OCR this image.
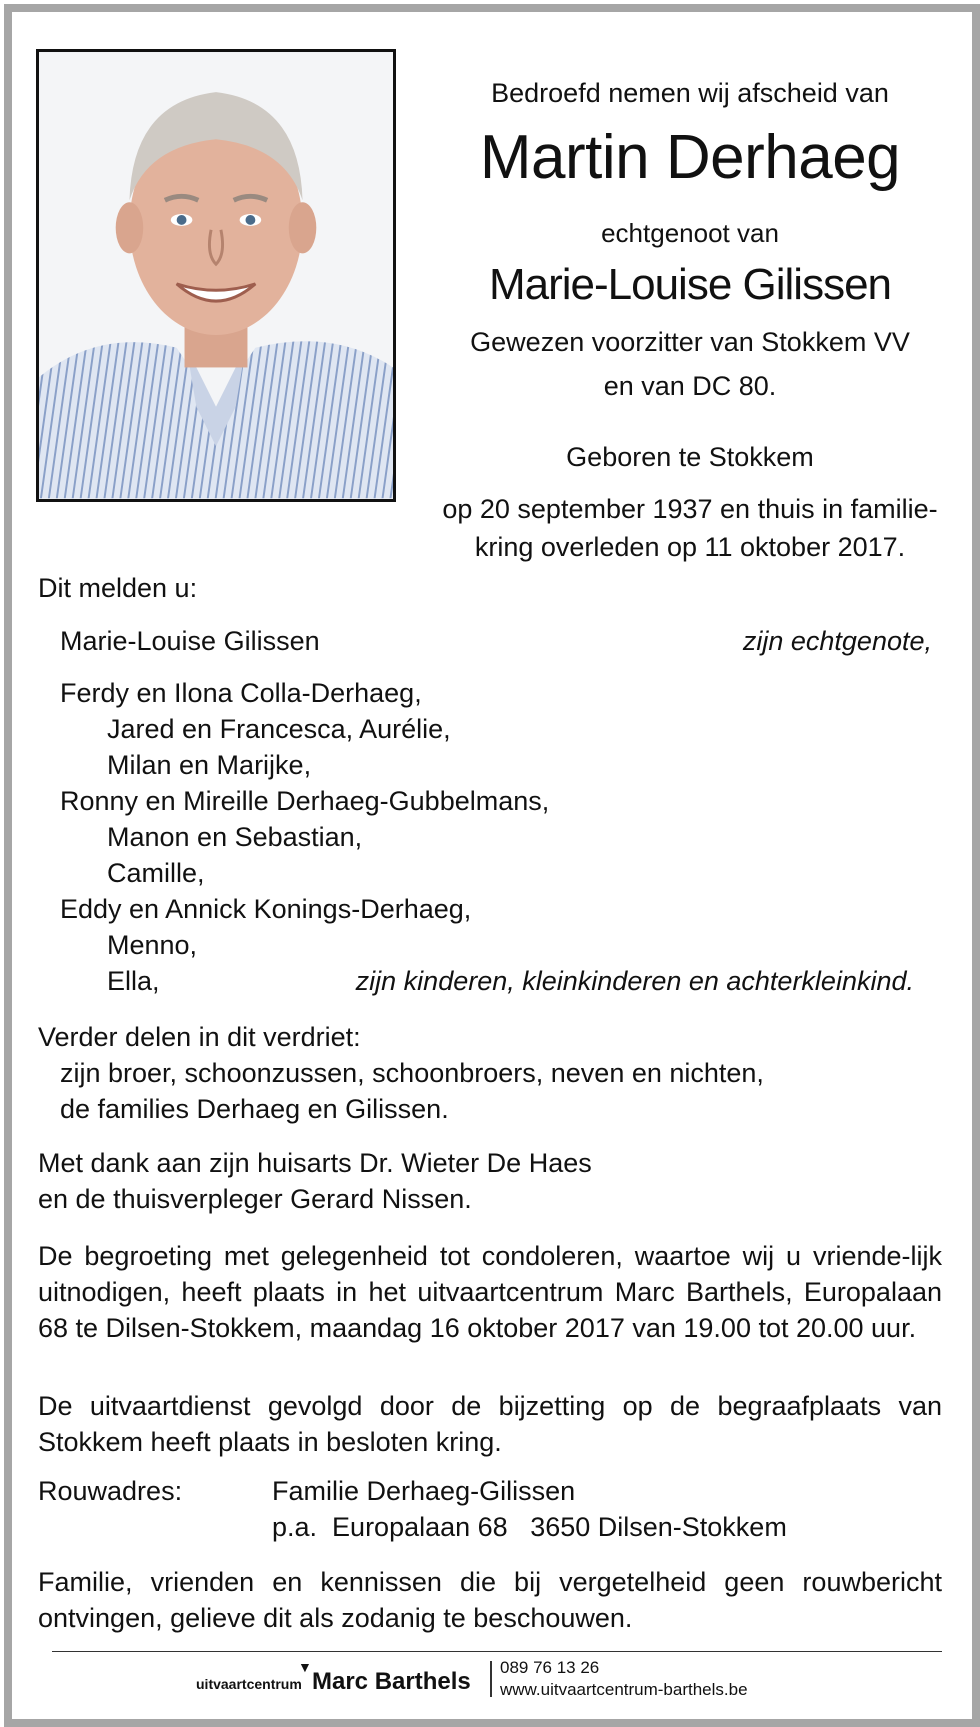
Bedroefd nemen wij afscheid van
Martin Derhaeg
echtgenoot van
Marie-Louise Gilissen
Gewezen voorzitter van Stokkem VV
en van DC 80.
Geboren te Stokkem
op 20 september 1937 en thuis in familie-
kring overleden op 11 oktober 2017.
Dit melden u:
Marie-Louise Gilissen	zijn echtgenote,
Ferdy en Ilona Colla-Derhaeg,
Jared en Francesca, Aurélie,
Milan en Marijke,
Ronny en Mireille Derhaeg-Gubbelmans,
Manon en Sebastian,
Camille,
Eddy en Annick Konings-Derhaeg,
Menno,
Ella,	zijn kinderen, kleinkinderen en achterkleinkind.
Verder delen in dit verdriet:
zijn broer, schoonzussen, schoonbroers, neven en nichten,
de families Derhaeg en Gilissen.
Met dank aan zijn huisarts Dr. Wieter De Haes
en de thuisverpleger Gerard Nissen.
De begroeting met gelegenheid tot condoleren, waartoe wij u vriende-lijk uitnodigen, heeft plaats in het uitvaartcentrum Marc Barthels, Europalaan 68 te Dilsen-Stokkem, maandag 16 oktober 2017 van 19.00 tot 20.00 uur.
De uitvaartdienst gevolgd door de bijzetting op de begraafplaats van Stokkem heeft plaats in besloten kring.
Rouwadres:	Familie Derhaeg-Gilissen
p.a.  Europalaan 68   3650 Dilsen-Stokkem
Familie, vrienden en kennissen die bij vergetelheid geen rouwbericht ontvingen, gelieve dit als zodanig te beschouwen.
▼
uitvaartcentrum Marc Barthels
089 76 13 26
www.uitvaartcentrum-barthels.be
